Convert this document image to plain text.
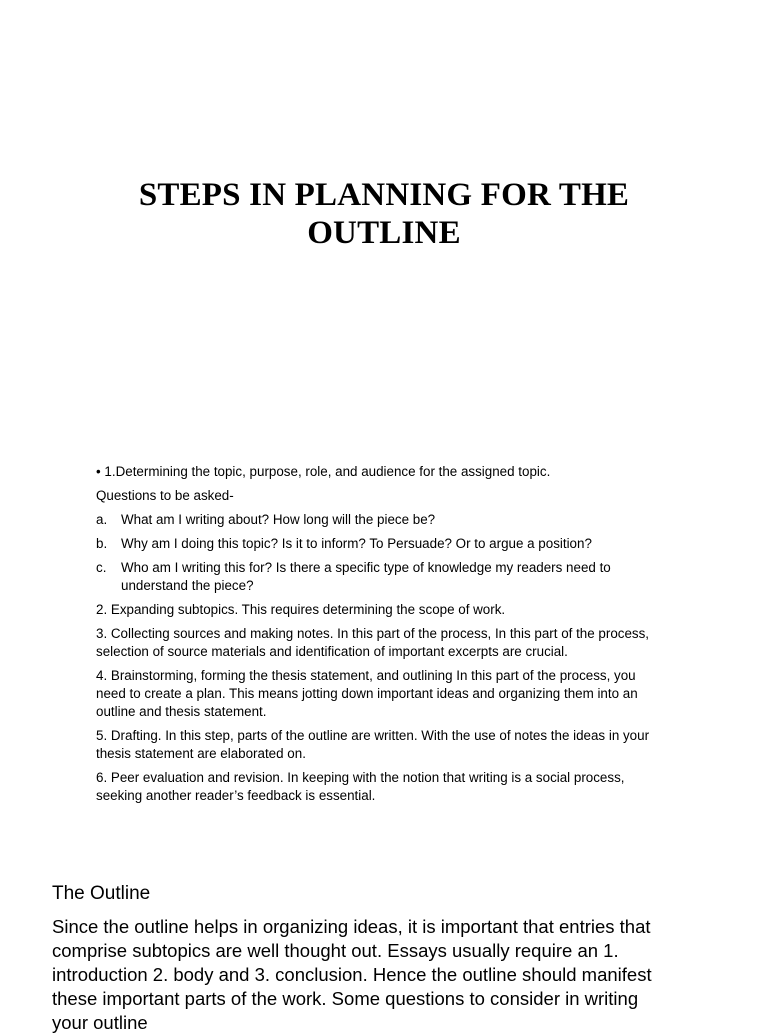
STEPS IN PLANNING FOR THE OUTLINE

• 1.Determining the topic, purpose, role, and audience for the assigned topic.

Questions to be asked-

a. What am I writing about? How long will the piece be?
b. Why am I doing this topic? Is it to inform? To Persuade? Or to argue a position?
c. Who am I writing this for? Is there a specific type of knowledge my readers need to understand the piece?

2. Expanding subtopics. This requires determining the scope of work.

3. Collecting sources and making notes. In this part of the process, In this part of the process, selection of source materials and identification of important excerpts are crucial.

4. Brainstorming, forming the thesis statement, and outlining In this part of the process, you need to create a plan. This means jotting down important ideas and organizing them into an outline and thesis statement.

5. Drafting. In this step, parts of the outline are written. With the use of notes the ideas in your thesis statement are elaborated on.

6. Peer evaluation and revision. In keeping with the notion that writing is a social process, seeking another reader’s feedback is essential.

The Outline

Since the outline helps in organizing ideas, it is important that entries that comprise subtopics are well thought out. Essays usually require an 1. introduction 2. body and 3. conclusion. Hence the outline should manifest these important parts of the work. Some questions to consider in writing your outline
